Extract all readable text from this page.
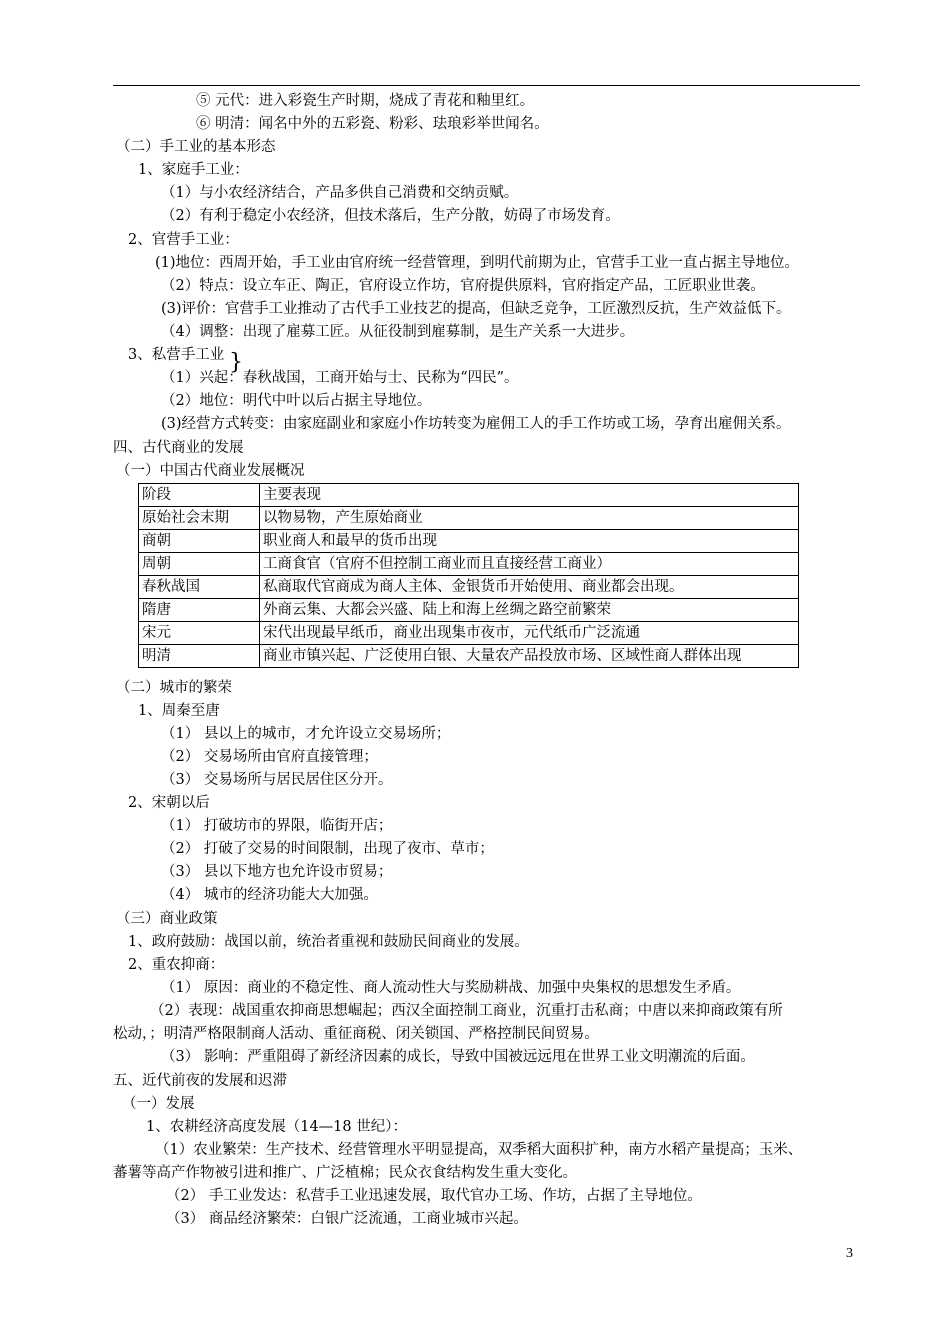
⑤ 元代：进入彩瓷生产时期，烧成了青花和釉里红。
⑥ 明清：闻名中外的五彩瓷、粉彩、珐琅彩举世闻名。
（二）手工业的基本形态
1、家庭手工业：
（1）与小农经济结合，产品多供自己消费和交纳贡赋。
（2）有利于稳定小农经济，但技术落后，生产分散，妨碍了市场发育。
2、官营手工业：
(1)地位：西周开始，手工业由官府统一经营管理，到明代前期为止，官营手工业一直占据主导地位。
（2）特点：设立车正、陶正，官府设立作坊，官府提供原料，官府指定产品，工匠职业世袭。
(3)评价：官营手工业推动了古代手工业技艺的提高，但缺乏竞争，工匠激烈反抗，生产效益低下。
（4）调整：出现了雇募工匠。从征役制到雇募制，是生产关系一大进步。
3、私营手工业 }
（1）兴起：春秋战国，工商开始与士、民称为“四民”。
（2）地位：明代中叶以后占据主导地位。
(3)经营方式转变：由家庭副业和家庭小作坊转变为雇佣工人的手工作坊或工场，孕育出雇佣关系。
四、古代商业的发展
（一）中国古代商业发展概况
阶段	主要表现
原始社会末期	以物易物，产生原始商业
商朝	职业商人和最早的货币出现
周朝	工商食官（官府不但控制工商业而且直接经营工商业）
春秋战国	私商取代官商成为商人主体、金银货币开始使用、商业都会出现。
隋唐	外商云集、大都会兴盛、陆上和海上丝绸之路空前繁荣
宋元	宋代出现最早纸币，商业出现集市夜市，元代纸币广泛流通
明清	商业市镇兴起、广泛使用白银、大量农产品投放市场、区域性商人群体出现
（二）城市的繁荣
1、周秦至唐
（1） 县以上的城市，才允许设立交易场所；
（2） 交易场所由官府直接管理；
（3） 交易场所与居民居住区分开。
2、宋朝以后
（1） 打破坊市的界限，临街开店；
（2） 打破了交易的时间限制，出现了夜市、草市；
（3） 县以下地方也允许设市贸易；
（4） 城市的经济功能大大加强。
（三）商业政策
1、政府鼓励：战国以前，统治者重视和鼓励民间商业的发展。
2、重农抑商：
（1） 原因：商业的不稳定性、商人流动性大与奖励耕战、加强中央集权的思想发生矛盾。
（2）表现：战国重农抑商思想崛起；西汉全面控制工商业，沉重打击私商；中唐以来抑商政策有所
松动，；明清严格限制商人活动、重征商税、闭关锁国、严格控制民间贸易。
（3） 影响：严重阻碍了新经济因素的成长，导致中国被远远甩在世界工业文明潮流的后面。
五、近代前夜的发展和迟滞
（一）发展
1、农耕经济高度发展（14—18 世纪）：
（1）农业繁荣：生产技术、经营管理水平明显提高，双季稻大面积扩种，南方水稻产量提高；玉米、
蕃薯等高产作物被引进和推广、广泛植棉；民众衣食结构发生重大变化。
（2） 手工业发达：私营手工业迅速发展，取代官办工场、作坊，占据了主导地位。
（3） 商品经济繁荣：白银广泛流通，工商业城市兴起。
3
